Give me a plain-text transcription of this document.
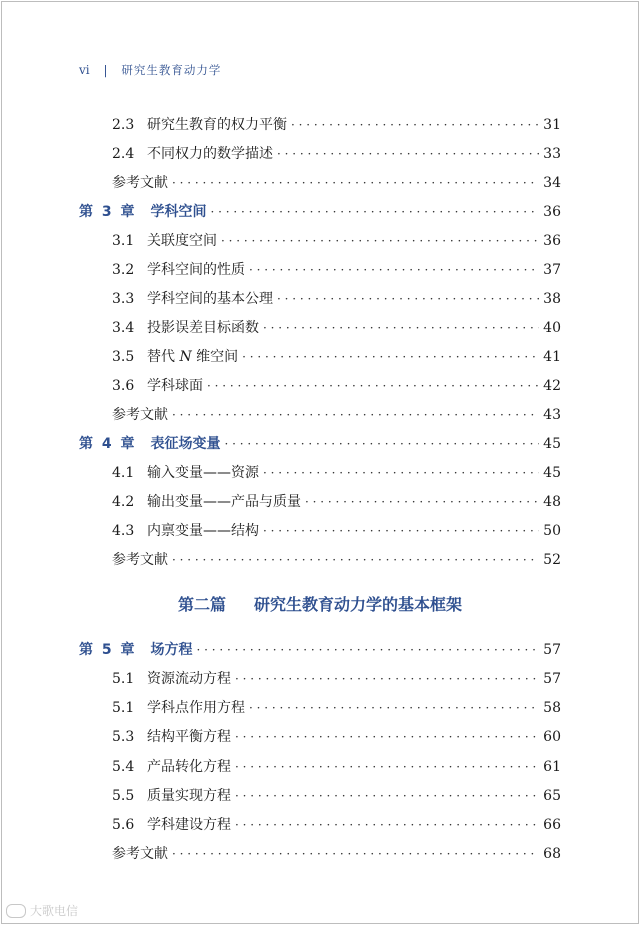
vi | 研究生教育动力学
2.3 研究生教育的权力平衡 · · ·	31
2.4 不同权力的数学描述 · · ·	33
参考文献 · · ·	34
第 3 章 学科空间 · · ·	36
3.1 关联度空间 · · ·	36
3.2 学科空间的性质 · · ·	37
3.3 学科空间的基本公理 · · ·	38
3.4 投影误差目标函数 · · ·	40
3.5 替代 N 维空间 · · ·	41
3.6 学科球面 · · ·	42
参考文献 · · ·	43
第 4 章 表征场变量 · · ·	45
4.1 输入变量——资源 · · ·	45
4.2 输出变量——产品与质量 · · ·	48
4.3 内禀变量——结构 · · ·	50
参考文献 · · ·	52
第 5 章 场方程 · · ·	57
5.1 资源流动方程 · · ·	57
5.1 学科点作用方程 · · ·	58
5.3 结构平衡方程 · · ·	60
5.4 产品转化方程 · · ·	61
5.5 质量实现方程 · · ·	65
5.6 学科建设方程 · · ·	66
参考文献 · · ·	68
第二篇 研究生教育动力学的基本框架
大歌电信
